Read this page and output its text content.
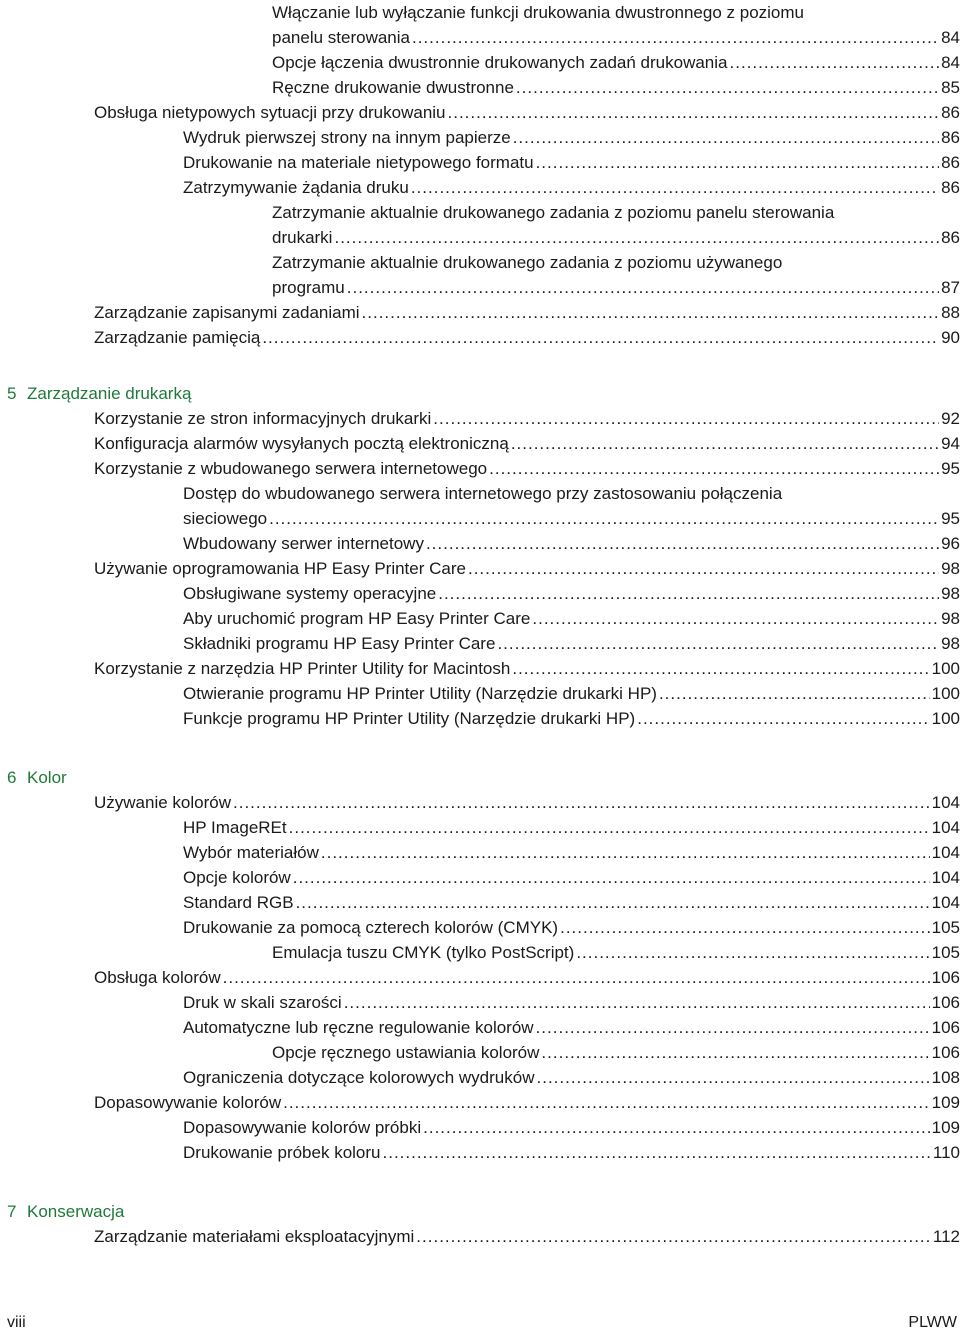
Włączanie lub wyłączanie funkcji drukowania dwustronnego z poziomu
panelu sterowania .....	84
Opcje łączenia dwustronnie drukowanych zadań drukowania .....	84
Ręczne drukowanie dwustronne .....	85
Obsługa nietypowych sytuacji przy drukowaniu .....	86
Wydruk pierwszej strony na innym papierze .....	86
Drukowanie na materiale nietypowego formatu .....	86
Zatrzymywanie żądania druku .....	86
Zatrzymanie aktualnie drukowanego zadania z poziomu panelu sterowania
drukarki .....	86
Zatrzymanie aktualnie drukowanego zadania z poziomu używanego
programu .....	87
Zarządzanie zapisanymi zadaniami .....	88
Zarządzanie pamięcią .....	90
5 Zarządzanie drukarką
Korzystanie ze stron informacyjnych drukarki .....	92
Konfiguracja alarmów wysyłanych pocztą elektroniczną .....	94
Korzystanie z wbudowanego serwera internetowego .....	95
Dostęp do wbudowanego serwera internetowego przy zastosowaniu połączenia
sieciowego .....	95
Wbudowany serwer internetowy .....	96
Używanie oprogramowania HP Easy Printer Care .....	98
Obsługiwane systemy operacyjne .....	98
Aby uruchomić program HP Easy Printer Care .....	98
Składniki programu HP Easy Printer Care .....	98
Korzystanie z narzędzia HP Printer Utility for Macintosh .....	100
Otwieranie programu HP Printer Utility (Narzędzie drukarki HP) .....	100
Funkcje programu HP Printer Utility (Narzędzie drukarki HP) .....	100
6 Kolor
Używanie kolorów .....	104
HP ImageREt .....	104
Wybór materiałów .....	104
Opcje kolorów .....	104
Standard RGB .....	104
Drukowanie za pomocą czterech kolorów (CMYK) .....	105
Emulacja tuszu CMYK (tylko PostScript) .....	105
Obsługa kolorów .....	106
Druk w skali szarości .....	106
Automatyczne lub ręczne regulowanie kolorów .....	106
Opcje ręcznego ustawiania kolorów .....	106
Ograniczenia dotyczące kolorowych wydruków .....	108
Dopasowywanie kolorów .....	109
Dopasowywanie kolorów próbki .....	109
Drukowanie próbek koloru .....	110
7 Konserwacja
Zarządzanie materiałami eksploatacyjnymi .....	112
viii	PLWW
